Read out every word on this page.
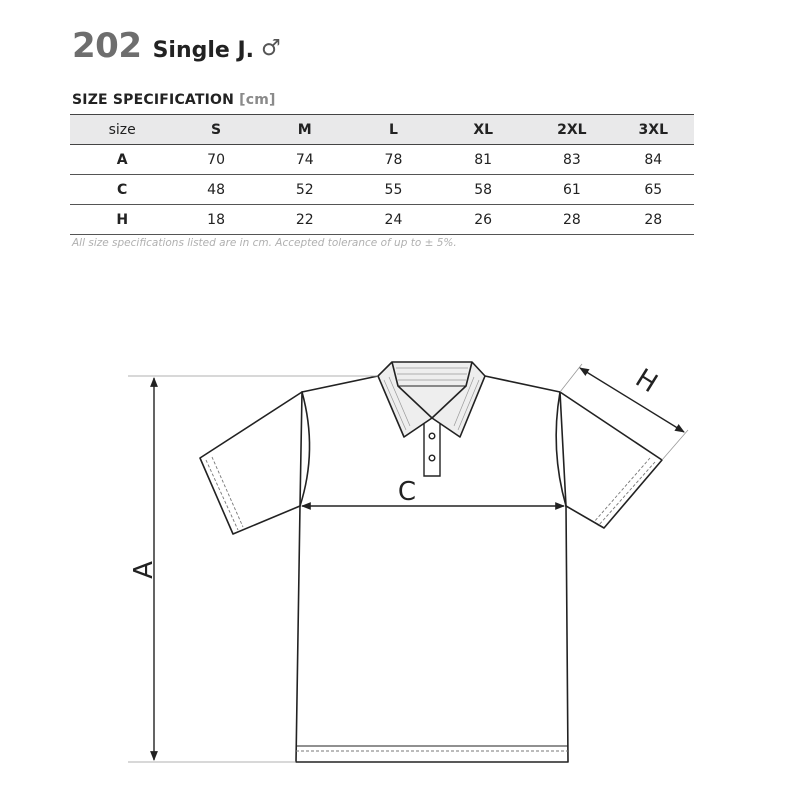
202 Single J. ♂
SIZE SPECIFICATION [cm]
size	S	M	L	XL	2XL	3XL
A	70	74	78	81	83	84
C	48	52	55	58	61	65
H	18	22	24	26	28	28
All size specifications listed are in cm. Accepted tolerance of up to ± 5%.
A
C
H
